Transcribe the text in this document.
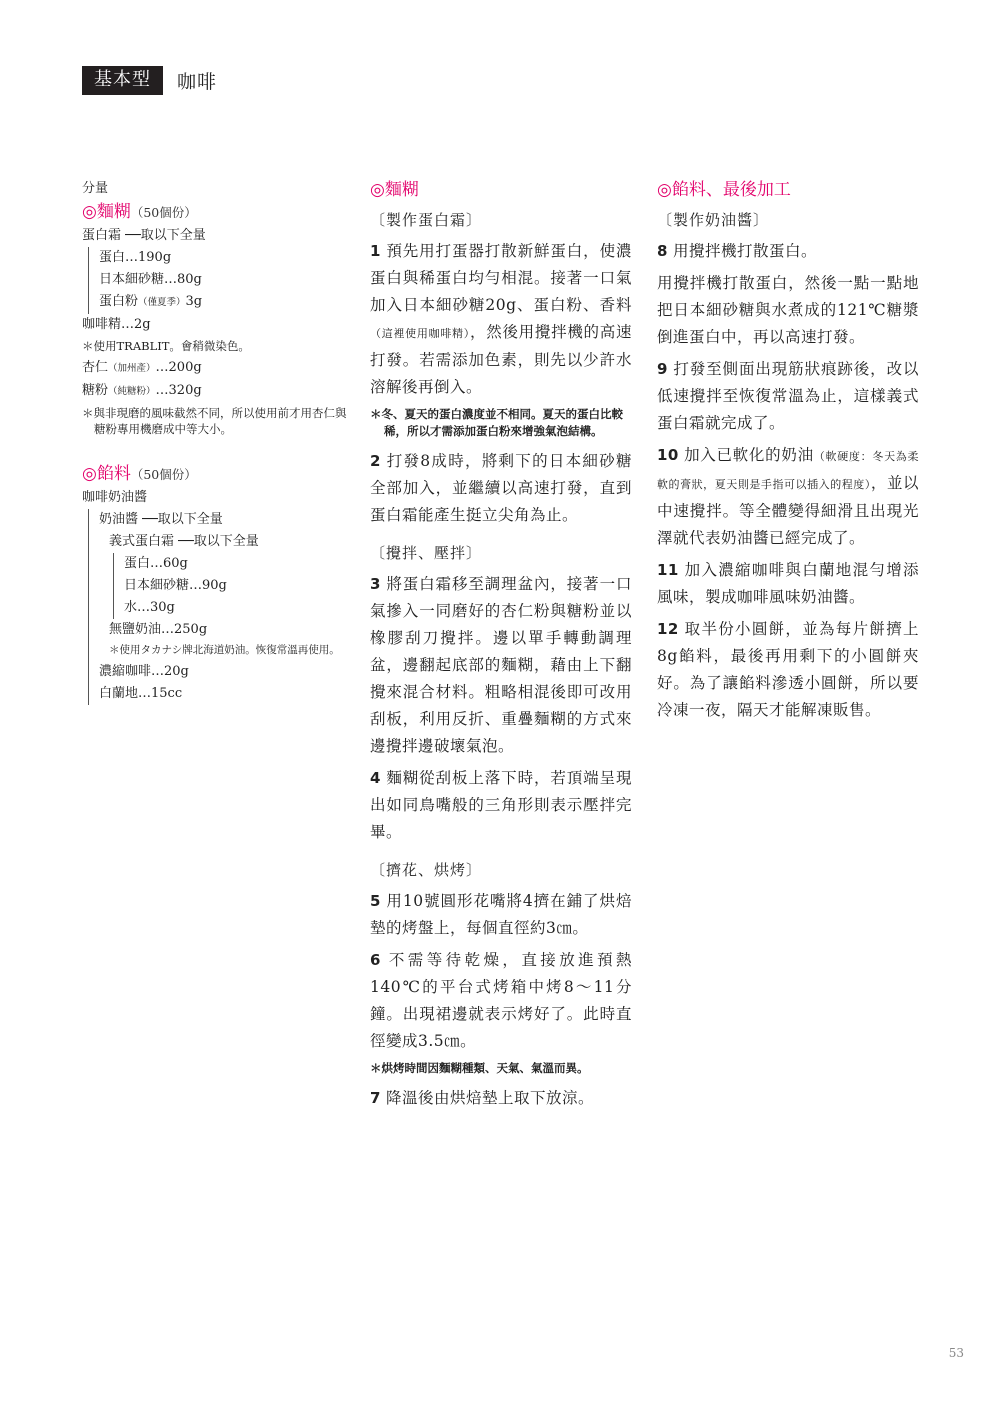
基本型	咖啡
分量
◎麵糊（50個份）
蛋白霜 ──取以下全量
蛋白…190g
日本細砂糖…80g
蛋白粉（僅夏季）3g
咖啡精…2g
＊使用TRABLIT。會稍微染色。
杏仁（加州產）…200g
糖粉（純糖粉）…320g
＊與非現磨的風味截然不同，所以使用前才用杏仁與糖粉專用機磨成中等大小。
◎餡料（50個份）
咖啡奶油醬
奶油醬 ──取以下全量
義式蛋白霜 ──取以下全量
蛋白…60g
日本細砂糖…90g
水…30g
無鹽奶油…250g
＊使用タカナシ牌北海道奶油。恢復常溫再使用。
濃縮咖啡…20g
白蘭地…15cc
◎麵糊
〔製作蛋白霜〕
1 預先用打蛋器打散新鮮蛋白，使濃蛋白與稀蛋白均勻相混。接著一口氣加入日本細砂糖20g、蛋白粉、香料（這裡使用咖啡精），然後用攪拌機的高速打發。若需添加色素，則先以少許水溶解後再倒入。
＊冬、夏天的蛋白濃度並不相同。夏天的蛋白比較稀，所以才需添加蛋白粉來增強氣泡結構。
2 打發8成時，將剩下的日本細砂糖全部加入，並繼續以高速打發，直到蛋白霜能產生挺立尖角為止。
〔攪拌、壓拌〕
3 將蛋白霜移至調理盆內，接著一口氣摻入一同磨好的杏仁粉與糖粉並以橡膠刮刀攪拌。邊以單手轉動調理盆，邊翻起底部的麵糊，藉由上下翻攪來混合材料。粗略相混後即可改用刮板，利用反折、重疊麵糊的方式來邊攪拌邊破壞氣泡。
4 麵糊從刮板上落下時，若頂端呈現出如同鳥嘴般的三角形則表示壓拌完畢。
〔擠花、烘烤〕
5 用10號圓形花嘴將4擠在鋪了烘焙墊的烤盤上，每個直徑約3㎝。
6 不需等待乾燥，直接放進預熱140℃的平台式烤箱中烤8～11分鐘。出現裙邊就表示烤好了。此時直徑變成3.5㎝。
＊烘烤時間因麵糊種類、天氣、氣溫而異。
7 降溫後由烘焙墊上取下放涼。
◎餡料、最後加工
〔製作奶油醬〕
8 用攪拌機打散蛋白。
用攪拌機打散蛋白，然後一點一點地把日本細砂糖與水煮成的121℃糖漿倒進蛋白中，再以高速打發。
9 打發至側面出現筋狀痕跡後，改以低速攪拌至恢復常溫為止，這樣義式蛋白霜就完成了。
10 加入已軟化的奶油（軟硬度：冬天為柔軟的膏狀，夏天則是手指可以插入的程度），並以中速攪拌。等全體變得細滑且出現光澤就代表奶油醬已經完成了。
11 加入濃縮咖啡與白蘭地混勻增添風味，製成咖啡風味奶油醬。
12 取半份小圓餅，並為每片餅擠上8g餡料，最後再用剩下的小圓餅夾好。為了讓餡料滲透小圓餅，所以要冷凍一夜，隔天才能解凍販售。
53
